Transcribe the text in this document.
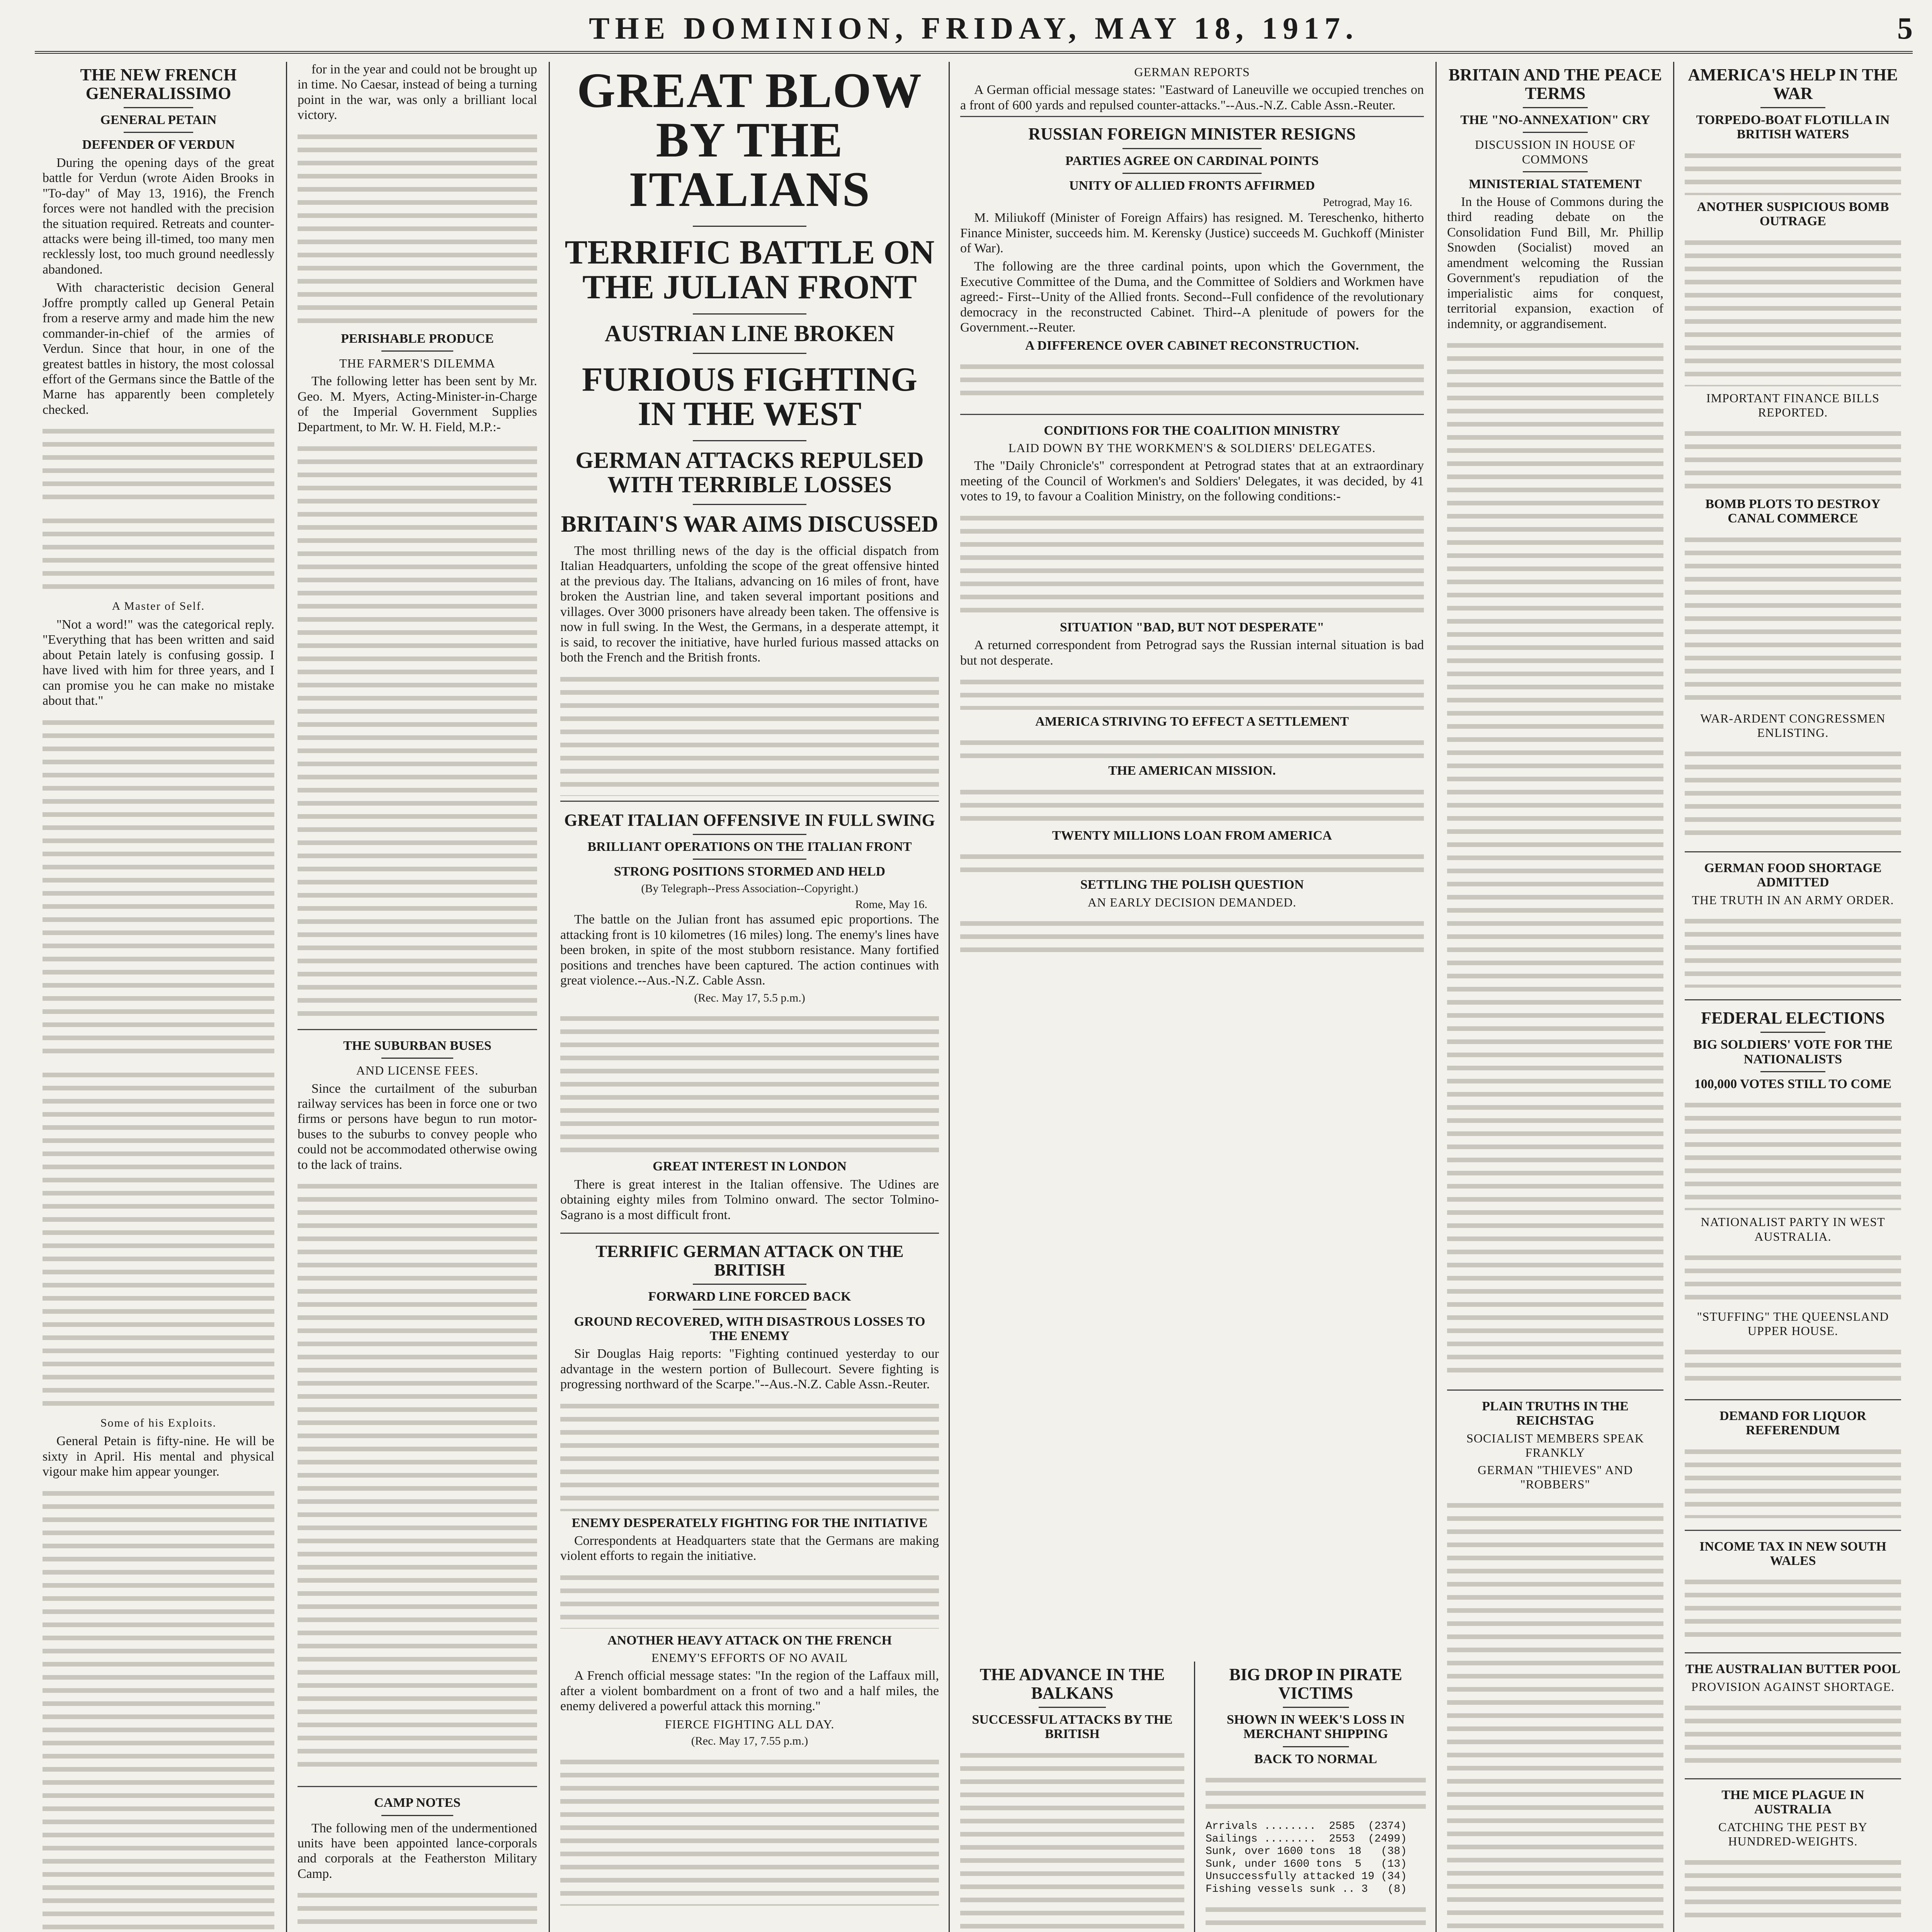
THE DOMINION, FRIDAY, MAY 18, 1917.	5
THE NEW FRENCH GENERALISSIMO
GENERAL PETAIN
DEFENDER OF VERDUN

During the opening days of the great battle for Verdun (wrote Aiden Brooks in "To-day" of May 13, 1916), the French forces were not handled with the precision the situation required. Retreats and counter-attacks were being ill-timed, too many men recklessly lost, too much ground needlessly abandoned.

With characteristic decision General Joffre promptly called up General Petain from a reserve army and made him the new commander-in-chief of the armies of Verdun. Since that hour, in one of the greatest battles in history, the most colossal effort of the Germans since the Battle of the Marne has apparently been completely checked.

A Master of Self.

"Not a word!" was the categorical reply. "Everything that has been written and said about Petain lately is confusing gossip. I have lived with him for three years, and I can promise you he can make no mistake about that."

Some of his Exploits.

General Petain is fifty-nine. He will be sixty in April. His mental and physical vigour make him appear younger.

for in the year and could not be brought up in time. No Caesar, instead of being a turning point in the war, was only a brilliant local victory.

PERISHABLE PRODUCE
THE FARMER'S DILEMMA

The following letter has been sent by Mr. Geo. M. Myers, Acting-Minister-in-Charge of the Imperial Government Supplies Department, to Mr. W. H. Field, M.P.:-

THE SUBURBAN BUSES
AND LICENSE FEES.

Since the curtailment of the suburban railway services has been in force one or two firms or persons have begun to run motor-buses to the suburbs to convey people who could not be accommodated otherwise owing to the lack of trains.

CAMP NOTES

The following men of the undermentioned units have been appointed lance-corporals and corporals at the Featherston Military Camp.

GREAT BLOW BY THE ITALIANS
TERRIFIC BATTLE ON THE JULIAN FRONT
AUSTRIAN LINE BROKEN
FURIOUS FIGHTING IN THE WEST
GERMAN ATTACKS REPULSED WITH TERRIBLE LOSSES
BRITAIN'S WAR AIMS DISCUSSED

The most thrilling news of the day is the official dispatch from Italian Headquarters, unfolding the scope of the great offensive hinted at the previous day. The Italians, advancing on 16 miles of front, have broken the Austrian line, and taken several important positions and villages. Over 3000 prisoners have already been taken. The offensive is now in full swing. In the West, the Germans, in a desperate attempt, it is said, to recover the initiative, have hurled furious massed attacks on both the French and the British fronts.

GREAT ITALIAN OFFENSIVE IN FULL SWING
BRILLIANT OPERATIONS ON THE ITALIAN FRONT
STRONG POSITIONS STORMED AND HELD
(By Telegraph--Press Association--Copyright.)
Rome, May 16.

The battle on the Julian front has assumed epic proportions. The attacking front is 10 kilometres (16 miles) long. The enemy's lines have been broken, in spite of the most stubborn resistance. Many fortified positions and trenches have been captured. The action continues with great violence.--Aus.-N.Z. Cable Assn.

(Rec. May 17, 5.5 p.m.)
GREAT INTEREST IN LONDON

There is great interest in the Italian offensive. The Udines are obtaining eighty miles from Tolmino onward. The sector Tolmino-Sagrano is a most difficult front.

TERRIFIC GERMAN ATTACK ON THE BRITISH
FORWARD LINE FORCED BACK
GROUND RECOVERED, WITH DISASTROUS LOSSES TO THE ENEMY

Sir Douglas Haig reports: "Fighting continued yesterday to our advantage in the western portion of Bullecourt. Severe fighting is progressing northward of the Scarpe."--Aus.-N.Z. Cable Assn.-Reuter.

ENEMY DESPERATELY FIGHTING FOR THE INITIATIVE

Correspondents at Headquarters state that the Germans are making violent efforts to regain the initiative.

ANOTHER HEAVY ATTACK ON THE FRENCH
ENEMY'S EFFORTS OF NO AVAIL

A French official message states: "In the region of the Laffaux mill, after a violent bombardment on a front of two and a half miles, the enemy delivered a powerful attack this morning."

FIERCE FIGHTING ALL DAY.
(Rec. May 17, 7.55 p.m.)
GERMAN REPORTS

A German official message states: "Eastward of Laneuville we occupied trenches on a front of 600 yards and repulsed counter-attacks."--Aus.-N.Z. Cable Assn.-Reuter.

RUSSIAN FOREIGN MINISTER RESIGNS
PARTIES AGREE ON CARDINAL POINTS
UNITY OF ALLIED FRONTS AFFIRMED
Petrograd, May 16.

M. Miliukoff (Minister of Foreign Affairs) has resigned. M. Tereschenko, hitherto Finance Minister, succeeds him. M. Kerensky (Justice) succeeds M. Guchkoff (Minister of War).

The following are the three cardinal points, upon which the Government, the Executive Committee of the Duma, and the Committee of Soldiers and Workmen have agreed:- First--Unity of the Allied fronts. Second--Full confidence of the revolutionary democracy in the reconstructed Cabinet. Third--A plenitude of powers for the Government.--Reuter.

A DIFFERENCE OVER CABINET RECONSTRUCTION.
CONDITIONS FOR THE COALITION MINISTRY
LAID DOWN BY THE WORKMEN'S & SOLDIERS' DELEGATES.

The "Daily Chronicle's" correspondent at Petrograd states that at an extraordinary meeting of the Council of Workmen's and Soldiers' Delegates, it was decided, by 41 votes to 19, to favour a Coalition Ministry, on the following conditions:-

SITUATION "BAD, BUT NOT DESPERATE"

A returned correspondent from Petrograd says the Russian internal situation is bad but not desperate.

AMERICA STRIVING TO EFFECT A SETTLEMENT
THE AMERICAN MISSION.
TWENTY MILLIONS LOAN FROM AMERICA
SETTLING THE POLISH QUESTION
AN EARLY DECISION DEMANDED.
THE ADVANCE IN THE BALKANS
SUCCESSFUL ATTACKS BY THE BRITISH
BIG DROP IN PIRATE VICTIMS
SHOWN IN WEEK'S LOSS IN MERCHANT SHIPPING
BACK TO NORMAL
Arrivals ........  2585  (2374)
Sailings ........  2553  (2499)
Sunk, over 1600 tons  18   (38)
Sunk, under 1600 tons  5   (13)
Unsuccessfully attacked 19 (34)
Fishing vessels sunk .. 3   (8)
BRITAIN AND THE PEACE TERMS
THE "NO-ANNEXATION" CRY
DISCUSSION IN HOUSE OF COMMONS
MINISTERIAL STATEMENT

In the House of Commons during the third reading debate on the Consolidation Fund Bill, Mr. Phillip Snowden (Socialist) moved an amendment welcoming the Russian Government's repudiation of the imperialistic aims for conquest, territorial expansion, exaction of indemnity, or aggrandisement.

PLAIN TRUTHS IN THE REICHSTAG
SOCIALIST MEMBERS SPEAK FRANKLY
GERMAN "THIEVES" AND "ROBBERS"
AMERICA'S HELP IN THE WAR
TORPEDO-BOAT FLOTILLA IN BRITISH WATERS
ANOTHER SUSPICIOUS BOMB OUTRAGE
IMPORTANT FINANCE BILLS REPORTED.
BOMB PLOTS TO DESTROY CANAL COMMERCE
WAR-ARDENT CONGRESSMEN ENLISTING.
GERMAN FOOD SHORTAGE ADMITTED
THE TRUTH IN AN ARMY ORDER.
FEDERAL ELECTIONS
BIG SOLDIERS' VOTE FOR THE NATIONALISTS
100,000 VOTES STILL TO COME
NATIONALIST PARTY IN WEST AUSTRALIA.
"STUFFING" THE QUEENSLAND UPPER HOUSE.
DEMAND FOR LIQUOR REFERENDUM
INCOME TAX IN NEW SOUTH WALES
THE AUSTRALIAN BUTTER POOL
PROVISION AGAINST SHORTAGE.
THE MICE PLAGUE IN AUSTRALIA
CATCHING THE PEST BY HUNDRED-WEIGHTS.
